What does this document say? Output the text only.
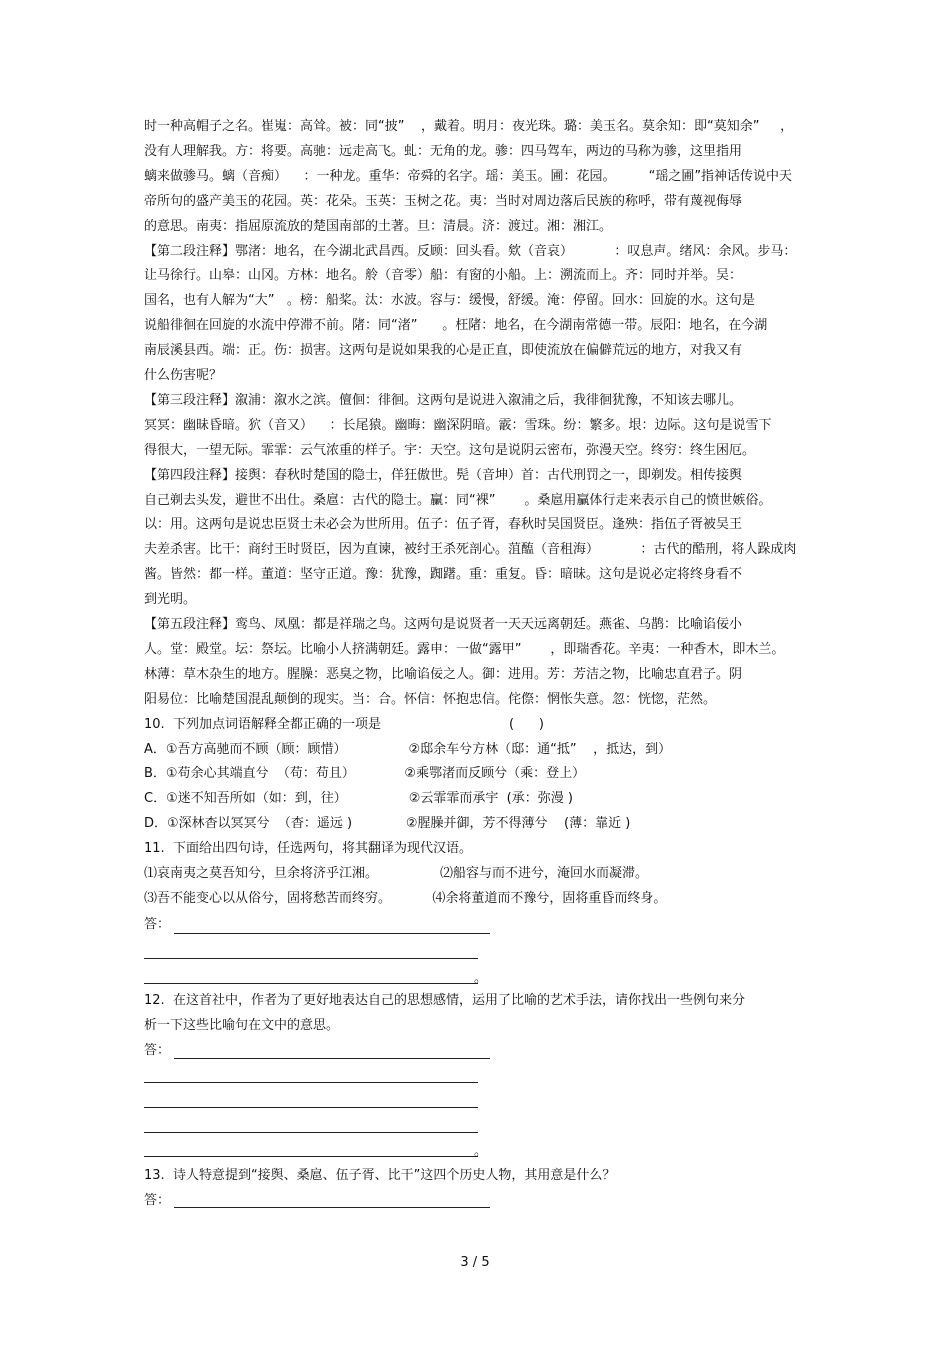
时一种高帽子之名。崔嵬：高耸。被：同“披”    ，戴着。明月：夜光珠。璐：美玉名。莫余知：即“莫知余”     ，
没有人理解我。方：将要。高驰：远走高飞。虬：无角的龙。骖：四马驾车，两边的马称为骖，这里指用
螭来做骖马。螭（音痴）    ：一种龙。重华：帝舜的名字。瑶：美玉。圃：花园。        “瑶之圃”指神话传说中天
帝所句的盛产美玉的花园。英：花朵。玉英：玉树之花。夷：当时对周边落后民族的称呼，带有蔑视侮辱
的意思。南夷：指屈原流放的楚国南部的土著。旦：清晨。济：渡过。湘：湘江。
【第二段注释】鄂渚：地名，在今湖北武昌西。反顾：回头看。欸（音哀）          ：叹息声。绪风：余风。步马：
让马徐行。山皋：山冈。方林：地名。舲（音零）船：有窗的小船。上：溯流而上。齐：同时并举。吴：
国名，也有人解为“大”   。榜：船桨。汰：水波。容与：缓慢，舒缓。淹：停留。回水：回旋的水。这句是
说船徘徊在回旋的水流中停滞不前。陼：同“渚”      。枉陼：地名，在今湖南常德一带。辰阳：地名，在今湖
南辰溪县西。端：正。伤：损害。这两句是说如果我的心是正直，即使流放在偏僻荒远的地方，对我又有
什么伤害呢？
【第三段注释】溆浦：溆水之滨。儃佪：徘徊。这两句是说进入溆浦之后，我徘徊犹豫，不知该去哪儿。
冥冥：幽昧昏暗。狖（音又）    ：长尾猿。幽晦：幽深阴暗。霰：雪珠。纷：繁多。垠：边际。这句是说雪下
得很大，一望无际。霏霏：云气浓重的样子。宇：天空。这句是说阴云密布，弥漫天空。终穷：终生困厄。
【第四段注释】接舆：春秋时楚国的隐士，佯狂傲世。髡（音坤）首：古代刑罚之一，即剃发。相传接舆
自己剃去头发，避世不出仕。桑扈：古代的隐士。臝：同“裸”       。桑扈用臝体行走来表示自己的愤世嫉俗。
以：用。这两句是说忠臣贤士未必会为世所用。伍子：伍子胥，春秋时吴国贤臣。逢殃：指伍子胥被吴王
夫差杀害。比干：商纣王时贤臣，因为直谏，被纣王杀死剖心。菹醢（音租海）          ：古代的酷刑，将人跺成肉
酱。皆然：都一样。董道：坚守正道。豫：犹豫，踟躇。重：重复。昏：暗昧。这句是说必定将终身看不
到光明。
【第五段注释】鸾鸟、凤凰：都是祥瑞之鸟。这两句是说贤者一天天远离朝廷。燕雀、乌鹊：比喻谄佞小
人。堂：殿堂。坛：祭坛。比喻小人挤满朝廷。露申：一做“露甲”       ，即瑞香花。辛夷：一种香木，即木兰。
林薄：草木杂生的地方。腥臊：恶臭之物，比喻谄佞之人。御：进用。芳：芳洁之物，比喻忠直君子。阴
阳易位：比喻楚国混乱颠倒的现实。当：合。怀信：怀抱忠信。侘傺：惘怅失意。忽：恍惚，茫然。
10.  下列加点词语解释全都正确的一项是                               (      )
A．①吾方高驰而不顾（顾：顾惜）               ②邸余车兮方林（邸：通“抵”    ，抵达，到）
B．①苟余心其端直兮  （苟：苟且）            ②乘鄂渚而反顾兮（乘：登上）
C．①迷不知吾所如（如：到，往）               ②云霏霏而承宇  (承：弥漫 )
D．①深林杳以冥冥兮  （杳：遥远 )             ②腥臊并御，芳不得薄兮    (薄：靠近 )
11.  下面给出四句诗，任选两句，将其翻译为现代汉语。
⑴哀南夷之莫吾知兮，旦余将济乎江湘。               ⑵船容与而不进兮，淹回水而凝滞。
⑶吾不能变心以从俗兮，固将愁苦而终穷。          ⑷余将董道而不豫兮，固将重昏而终身。
答：
。
12.  在这首社中，作者为了更好地表达自己的思想感情，运用了比喻的艺术手法，请你找出一些例句来分
析一下这些比喻句在文中的意思。
答：
。
13.  诗人特意提到“接舆、桑扈、伍子胥、比干”这四个历史人物，其用意是什么？
答：
3 / 5
